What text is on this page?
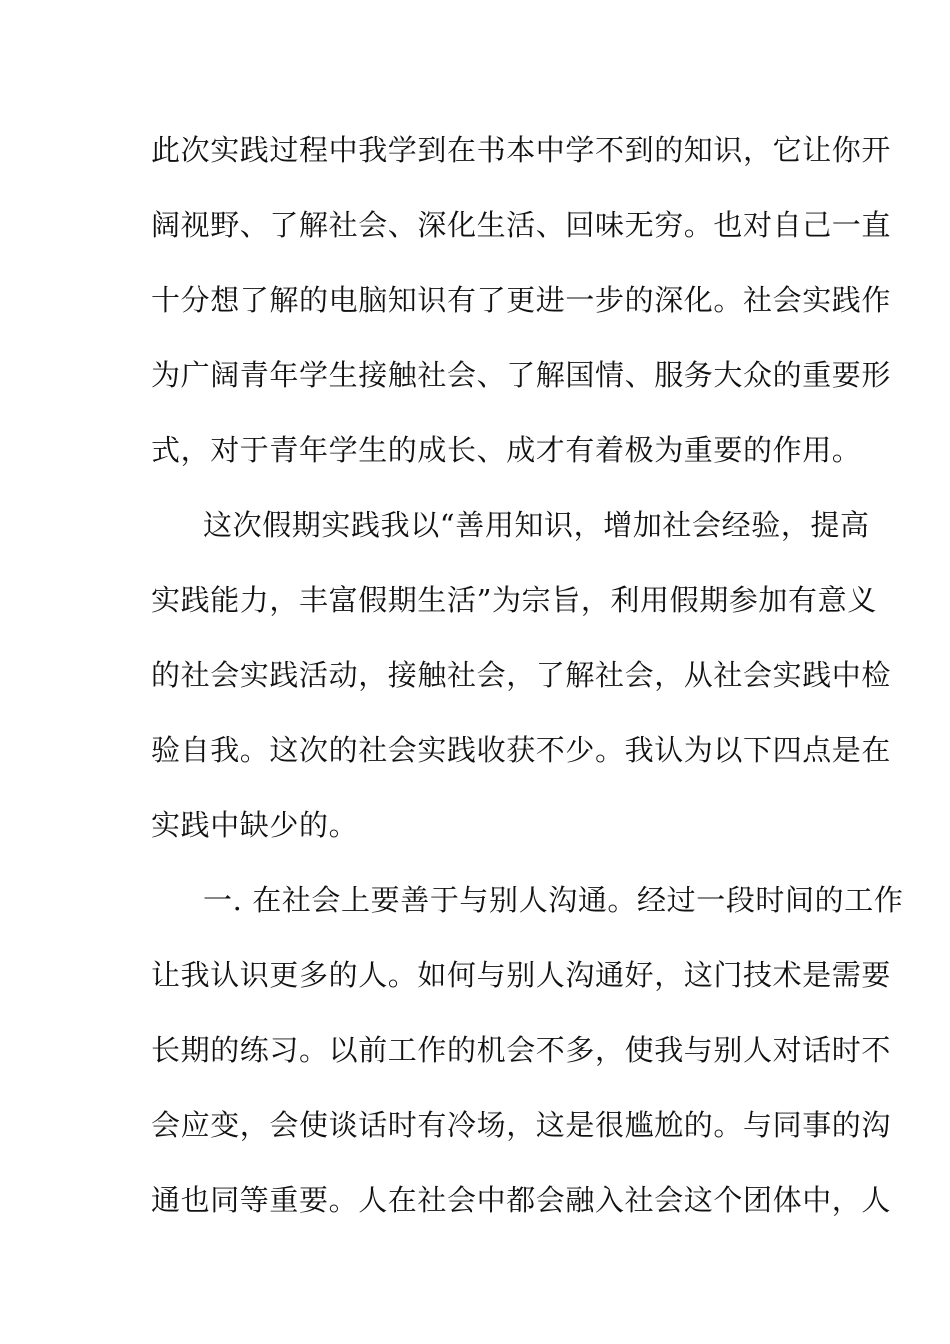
此次实践过程中我学到在书本中学不到的知识，它让你开
阔视野、了解社会、深化生活、回味无穷。也对自己一直
十分想了解的电脑知识有了更进一步的深化。社会实践作
为广阔青年学生接触社会、了解国情、服务大众的重要形
式，对于青年学生的成长、成才有着极为重要的作用。
这次假期实践我以“善用知识，增加社会经验，提高
实践能力，丰富假期生活”为宗旨，利用假期参加有意义
的社会实践活动，接触社会，了解社会，从社会实践中检
验自我。这次的社会实践收获不少。我认为以下四点是在
实践中缺少的。
一. 在社会上要善于与别人沟通。经过一段时间的工作
让我认识更多的人。如何与别人沟通好，这门技术是需要
长期的练习。以前工作的机会不多，使我与别人对话时不
会应变，会使谈话时有冷场，这是很尴尬的。与同事的沟
通也同等重要。人在社会中都会融入社会这个团体中，人
